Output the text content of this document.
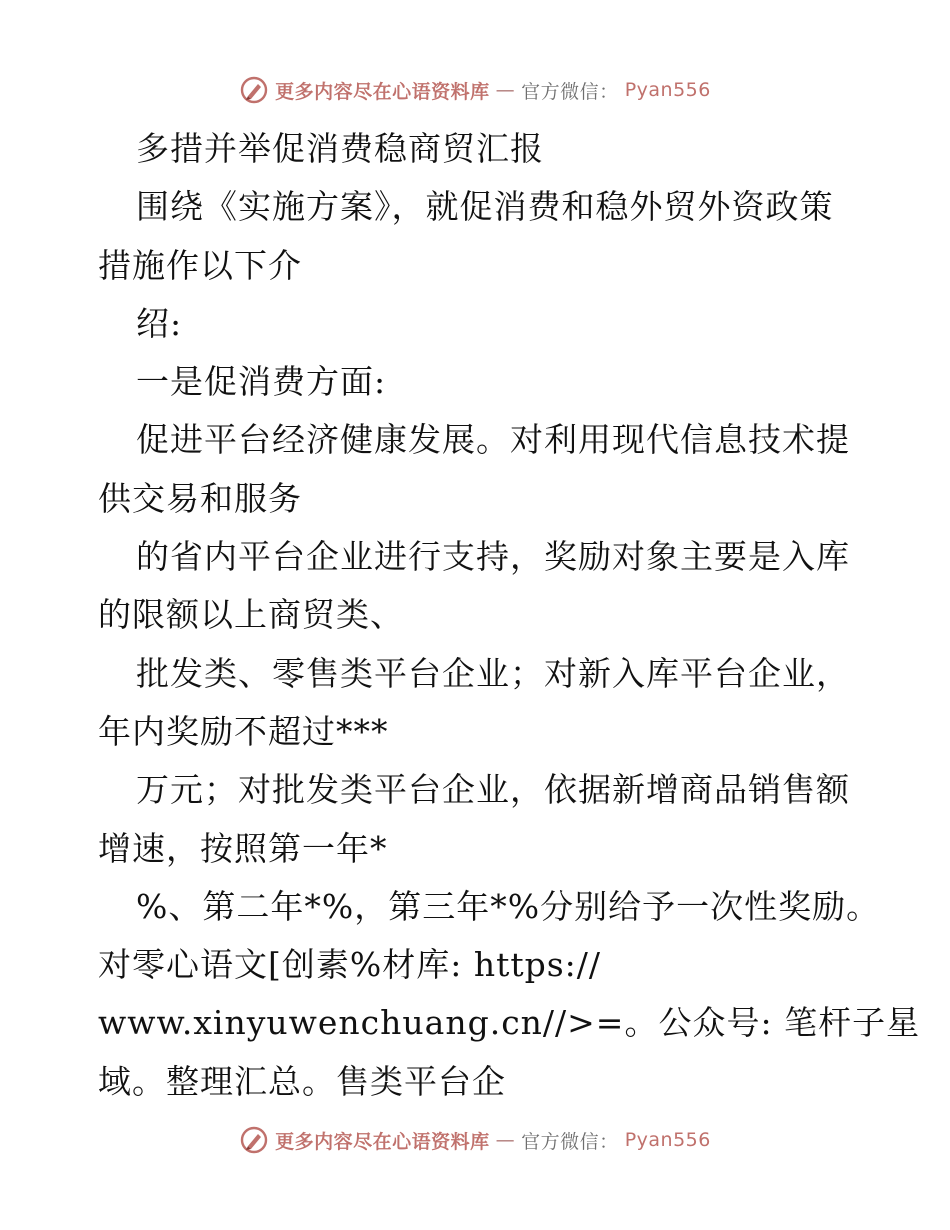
更多内容尽在心语资料库 — 官方微信： Pyan556
多措并举促消费稳商贸汇报
围绕《实施方案》，就促消费和稳外贸外资政策
措施作以下介
绍:
一是促消费方面:
促进平台经济健康发展。对利用现代信息技术提
供交易和服务
的省内平台企业进行支持，奖励对象主要是入库
的限额以上商贸类、
批发类、零售类平台企业；对新入库平台企业，
年内奖励不超过***
万元；对批发类平台企业，依据新增商品销售额
增速，按照第一年*
%、第二年*%，第三年*%分别给予一次性奖励。
对零心语文[创素%材库: https://
www.xinyuwenchuang.cn//>=。公众号: 笔杆子星
域。整理汇总。售类平台企
更多内容尽在心语资料库 — 官方微信： Pyan556
